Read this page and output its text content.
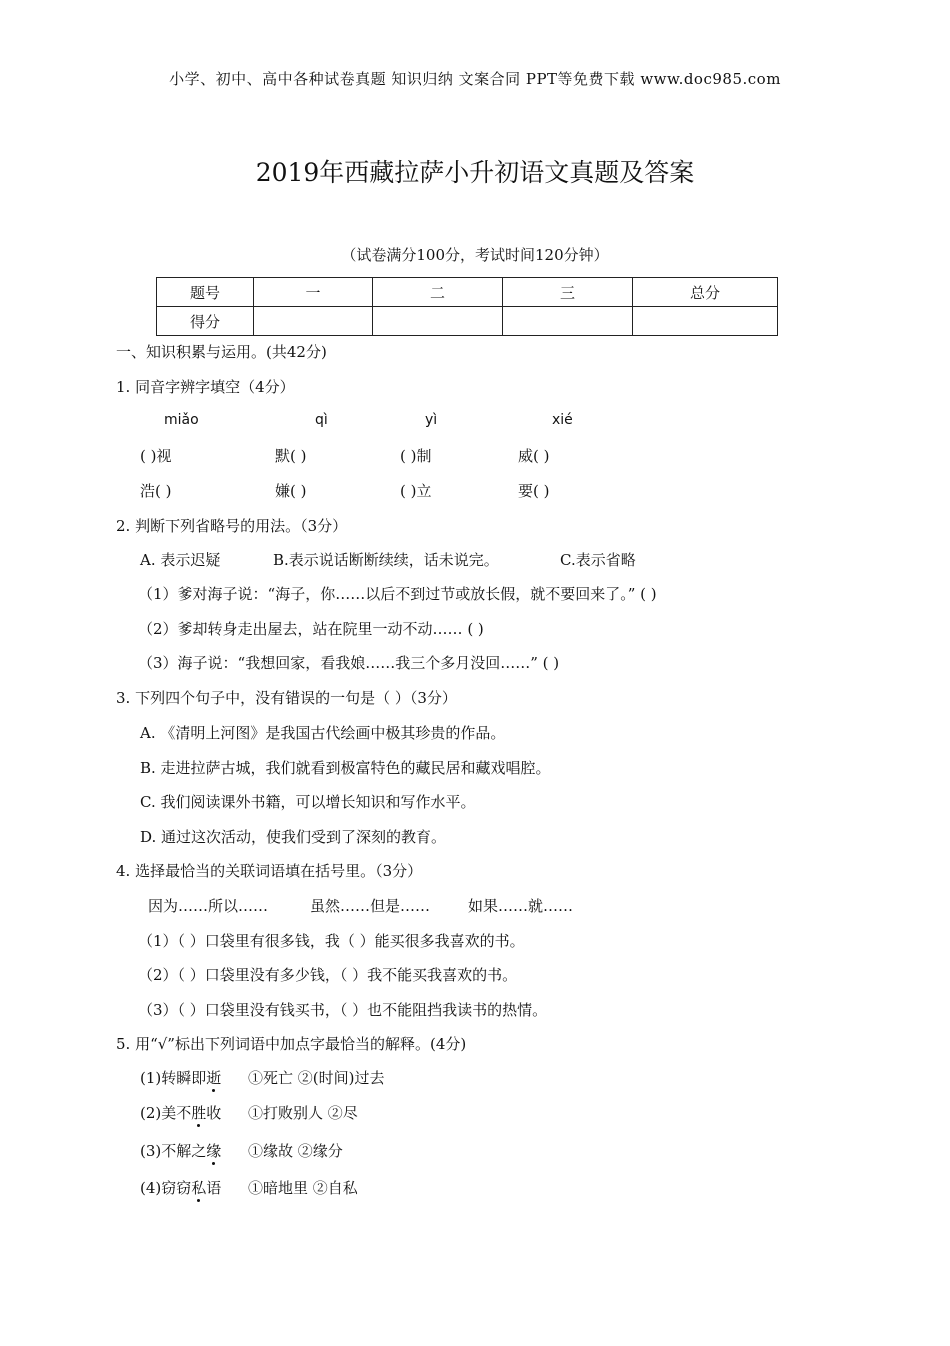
小学、初中、高中各种试卷真题 知识归纳 文案合同 PPT等免费下载 www.doc985.com
2019年西藏拉萨小升初语文真题及答案
（试卷满分100分，考试时间120分钟）
题号	一	二	三	总分
得分				
一、知识积累与运用。(共42分)
1. 同音字辨字填空（4分）
miǎo	qì	yì	xié
( )视	默( )	( )制	威( )
浩( )	嫌( )	( )立	要( )
2. 判断下列省略号的用法。（3分）
A. 表示迟疑	B.表示说话断断续续，话未说完。	C.表示省略
（1）爹对海子说：“海子，你……以后不到过节或放长假，就不要回来了。” ( )
（2）爹却转身走出屋去，站在院里一动不动…… ( )
（3）海子说：“我想回家，看我娘……我三个多月没回……” ( )
3. 下列四个句子中，没有错误的一句是（ ）（3分）
A. 《清明上河图》是我国古代绘画中极其珍贵的作品。
B. 走进拉萨古城，我们就看到极富特色的藏民居和藏戏唱腔。
C. 我们阅读课外书籍，可以增长知识和写作水平。
D. 通过这次活动，使我们受到了深刻的教育。
4. 选择最恰当的关联词语填在括号里。（3分）
因为……所以……	虽然……但是……	如果……就……
（1）（ ）口袋里有很多钱，我（ ）能买很多我喜欢的书。
（2）（ ）口袋里没有多少钱，（ ）我不能买我喜欢的书。
（3）（ ）口袋里没有钱买书，（ ）也不能阻挡我读书的热情。
5. 用“√”标出下列词语中加点字最恰当的解释。(4分)
(1)转瞬即逝 ①死亡 ②(时间)过去
(2)美不胜收 ①打败别人 ②尽
(3)不解之缘 ①缘故 ②缘分
(4)窃窃私语 ①暗地里 ②自私
